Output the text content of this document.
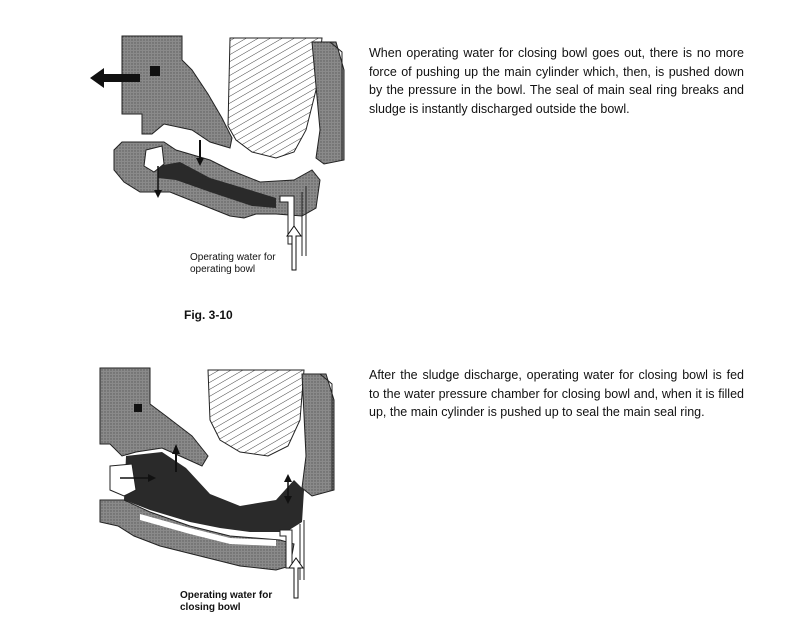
When operating water for closing bowl goes out, there is no more force of pushing up the main cylinder which, then, is pushed down by the pressure in the bowl. The seal of main seal ring breaks and sludge is instantly discharged outside the bowl.

Operating water for
operating bowl
Fig. 3-10

After the sludge discharge, operating water for closing bowl is fed to the water pressure chamber for closing bowl and, when it is filled up, the main cylinder is pushed up to seal the main seal ring.

Operating water for
closing bowl
